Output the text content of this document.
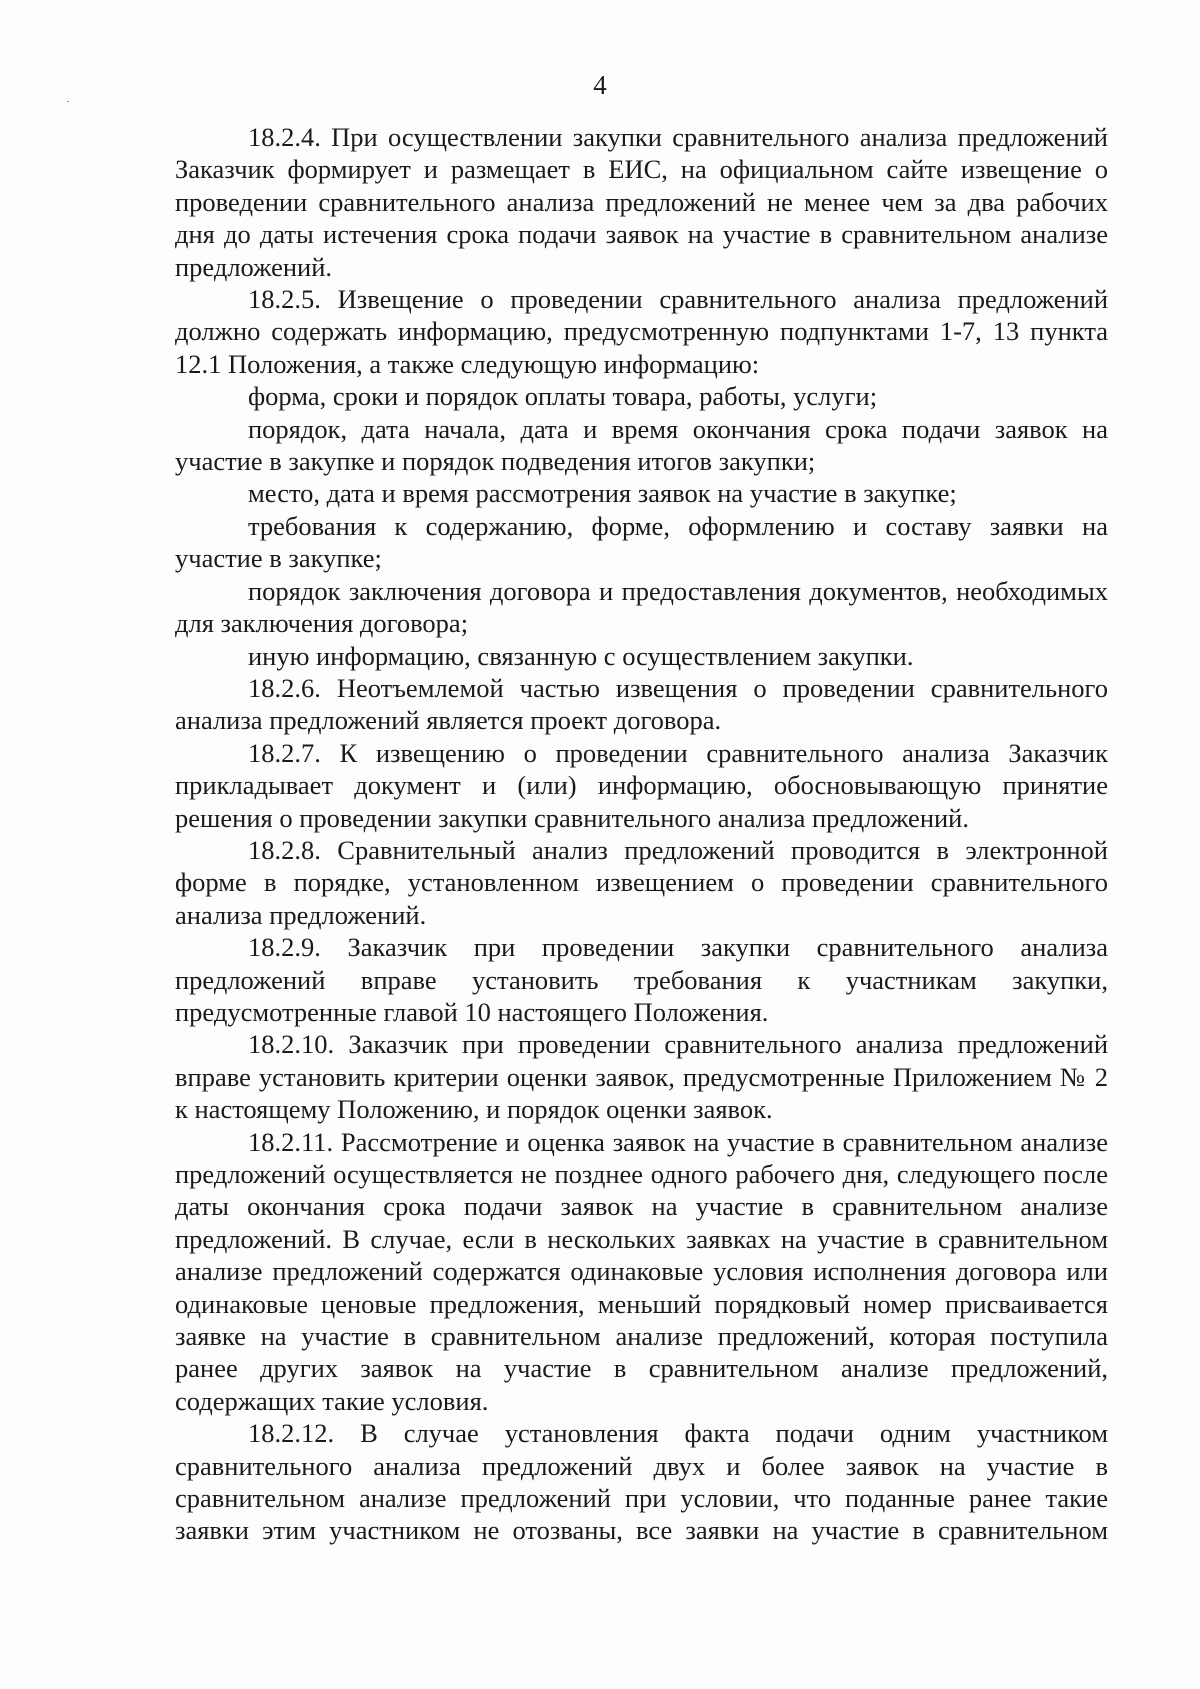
4

18.2.4. При осуществлении закупки сравнительного анализа предложений Заказчик формирует и размещает в ЕИС, на официальном сайте извещение о проведении сравнительного анализа предложений не менее чем за два рабочих дня до даты истечения срока подачи заявок на участие в сравнительном анализе предложений.

18.2.5. Извещение о проведении сравнительного анализа предложений должно содержать информацию, предусмотренную подпунктами 1-7, 13 пункта 12.1 Положения, а также следующую информацию:

форма, сроки и порядок оплаты товара, работы, услуги;

порядок, дата начала, дата и время окончания срока подачи заявок на участие в закупке и порядок подведения итогов закупки;

место, дата и время рассмотрения заявок на участие в закупке;

требования к содержанию, форме, оформлению и составу заявки на участие в закупке;

порядок заключения договора и предоставления документов, необходимых для заключения договора;

иную информацию, связанную с осуществлением закупки.

18.2.6. Неотъемлемой частью извещения о проведении сравнительного анализа предложений является проект договора.

18.2.7. К извещению о проведении сравнительного анализа Заказчик прикладывает документ и (или) информацию, обосновывающую принятие решения о проведении закупки сравнительного анализа предложений.

18.2.8. Сравнительный анализ предложений проводится в электронной форме в порядке, установленном извещением о проведении сравнительного анализа предложений.

18.2.9. Заказчик при проведении закупки сравнительного анализа предложений вправе установить требования к участникам закупки, предусмотренные главой 10 настоящего Положения.

18.2.10. Заказчик при проведении сравнительного анализа предложений вправе установить критерии оценки заявок, предусмотренные Приложением № 2 к настоящему Положению, и порядок оценки заявок.

18.2.11. Рассмотрение и оценка заявок на участие в сравнительном анализе предложений осуществляется не позднее одного рабочего дня, следующего после даты окончания срока подачи заявок на участие в сравнительном анализе предложений. В случае, если в нескольких заявках на участие в сравнительном анализе предложений содержатся одинаковые условия исполнения договора или одинаковые ценовые предложения, меньший порядковый номер присваивается заявке на участие в сравнительном анализе предложений, которая поступила ранее других заявок на участие в сравнительном анализе предложений, содержащих такие условия.

18.2.12. В случае установления факта подачи одним участником сравнительного анализа предложений двух и более заявок на участие в сравнительном анализе предложений при условии, что поданные ранее такие заявки этим участником не отозваны, все заявки на участие в сравнительном
